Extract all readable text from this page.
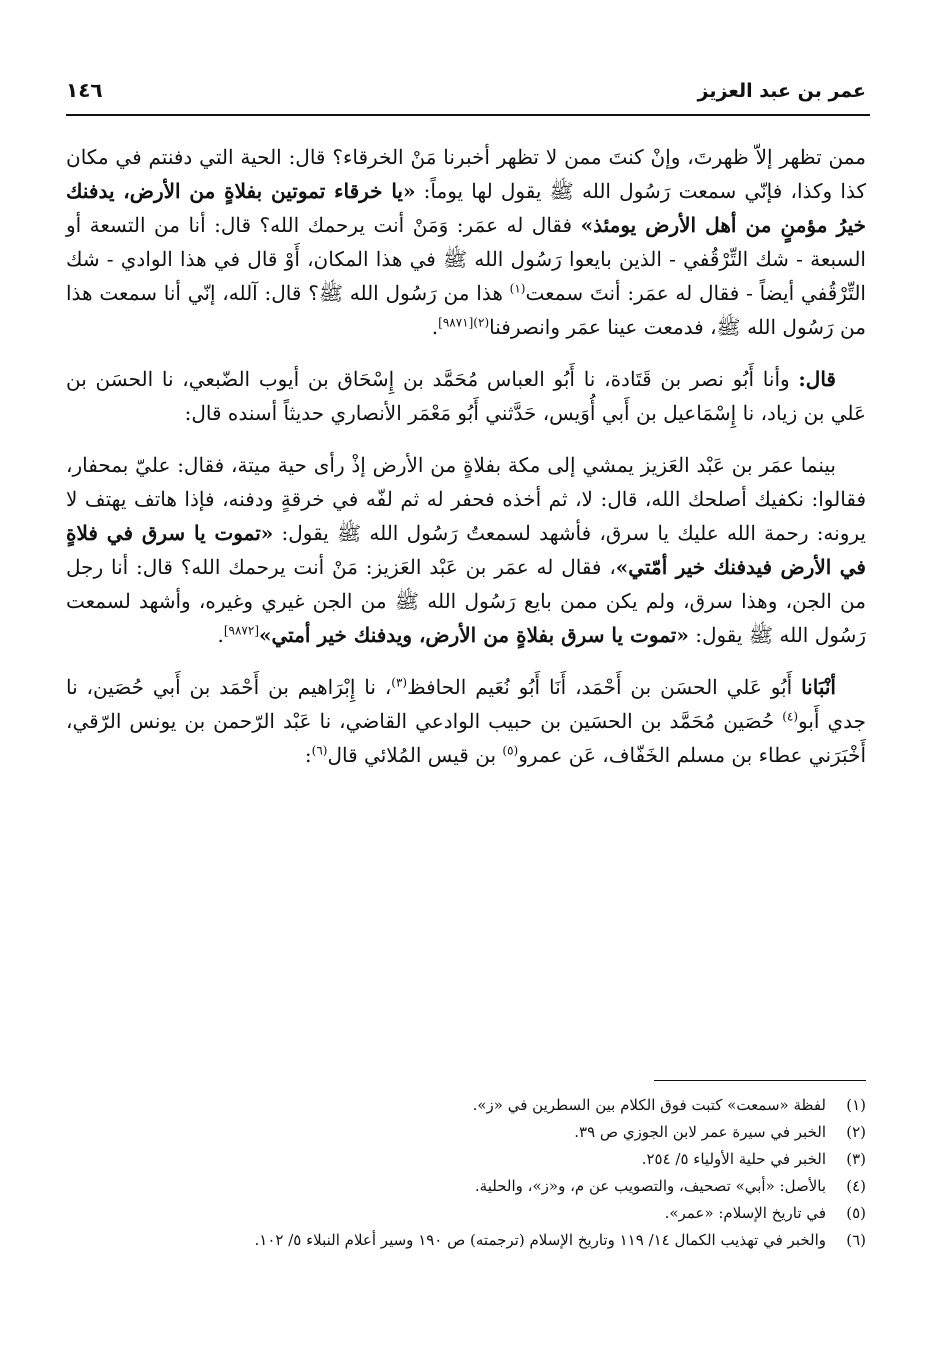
عمر بن عبد العزيز
١٤٦

ممن تظهر إلاّ ظهرتَ، وإنْ كنتَ ممن لا تظهر أخبرنا مَنْ الخرقاء؟ قال: الحية التي دفنتم في مكان كذا وكذا، فإنّي سمعت رَسُول الله ﷺ يقول لها يوماً: «يا خرقاء تموتين بفلاةٍ من الأرض، يدفنك خيرُ مؤمنٍ من أهل الأرض يومئذ» فقال له عمَر: وَمَنْ أنت يرحمك الله؟ قال: أنا من التسعة أو السبعة - شك التِّرْقُفي - الذين بايعوا رَسُول الله ﷺ في هذا المكان، أَوْ قال في هذا الوادي - شك التِّرْقُفي أيضاً - فقال له عمَر: أنتَ سمعت$^{(١)}$ هذا من رَسُول الله ﷺ؟ قال: آلله، إنّي أنا سمعت هذا من رَسُول الله ﷺ، فدمعت عينا عمَر وانصرفنا$^{(٢)[٩٨٧١]}$.

قال: وأنا أَبُو نصر بن قَتَادة، نا أَبُو العباس مُحَمَّد بن إِسْحَاق بن أيوب الضّبعي، نا الحسَن بن عَلي بن زياد، نا إِسْمَاعيل بن أَبي أُوَيس، حَدَّثني أَبُو مَعْمَر الأنصاري حديثاً أسنده قال:

بينما عمَر بن عَبْد العَزيز يمشي إلى مكة بفلاةٍ من الأرض إذْ رأى حية ميتة، فقال: عليّ بمحفار، فقالوا: نكفيك أصلحك الله، قال: لا، ثم أخذه فحفر له ثم لفّه في خرقةٍ ودفنه، فإذا هاتف يهتف لا يرونه: رحمة الله عليك يا سرق، فأشهد لسمعتُ رَسُول الله ﷺ يقول: «تموت يا سرق في فلاةٍ في الأرض فيدفنك خير أمّتي»، فقال له عمَر بن عَبْد العَزيز: مَنْ أنت يرحمك الله؟ قال: أنا رجل من الجن، وهذا سرق، ولم يكن ممن بايع رَسُول الله ﷺ من الجن غيري وغيره، وأشهد لسمعت رَسُول الله ﷺ يقول: «تموت يا سرق بفلاةٍ من الأرض، ويدفنك خير أمتي»[٩٨٧٢].

أنْبَانا أَبُو عَلي الحسَن بن أَحْمَد، أَنَا أَبُو نُعَيم الحافظ$^{(٣)}$، نا إِبْرَاهيم بن أَحْمَد بن أَبي حُصَين، نا جدي أَبو$^{(٤)}$ حُصَين مُحَمَّد بن الحسَين بن حبيب الوادعي القاضي، نا عَبْد الرّحمن بن يونس الرّقي، أَخْبَرَني عطاء بن مسلم الخَفّاف، عَن عمرو$^{(٥)}$ بن قيس المُلائي قال$^{(٦)}$:

(١)
لفظة «سمعت» كتبت فوق الكلام بين السطرين في «ز».
(٢)
الخبر في سيرة عمر لابن الجوزي ص ٣٩.
(٣)
الخبر في حلية الأولياء ٥/ ٢٥٤.
(٤)
بالأصل: «أبي» تصحيف، والتصويب عن م، و«ز»، والحلية.
(٥)
في تاريخ الإسلام: «عمر».
(٦)
والخبر في تهذيب الكمال ١٤/ ١١٩ وتاريخ الإسلام (ترجمته) ص ١٩٠ وسير أعلام النبلاء ٥/ ١٠٢.
